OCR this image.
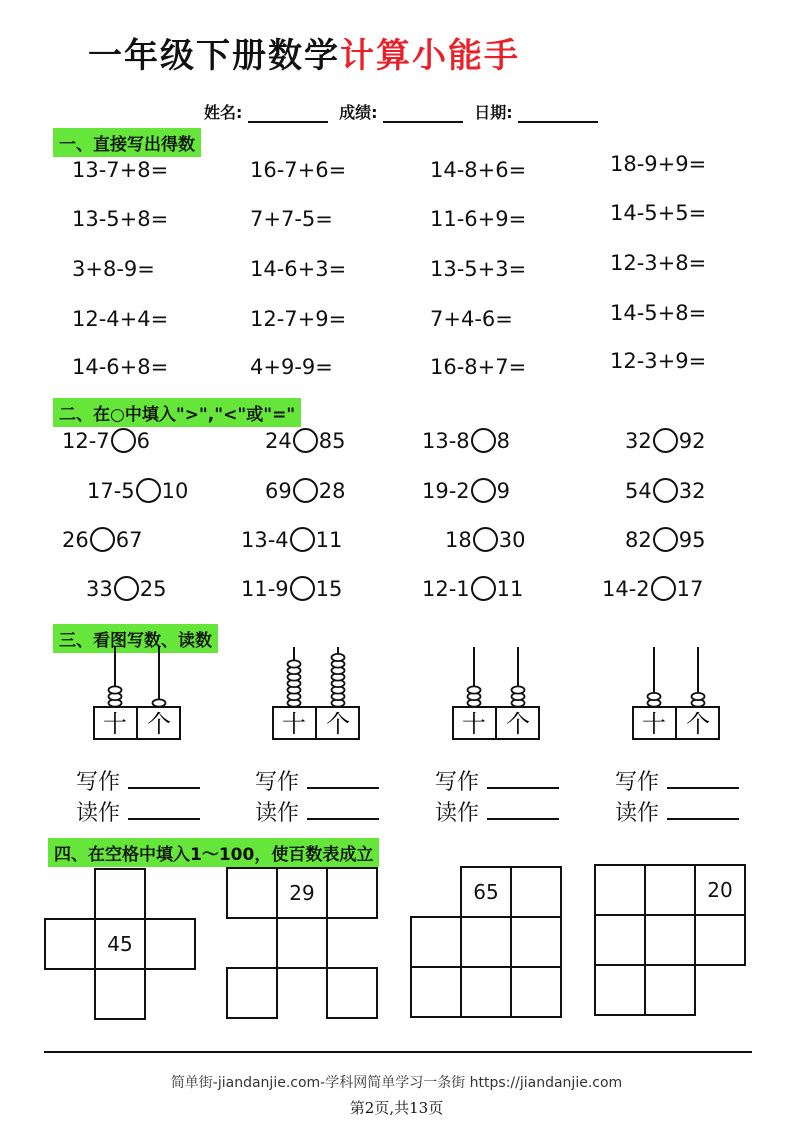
一年级下册数学计算小能手
姓名:	成绩:	日期:
一、直接写出得数
13-7+8=	16-7+6=	14-8+6=	18-9+9=
13-5+8=	7+7-5=	11-6+9=	14-5+5=
3+8-9=	14-6+3=	13-5+3=	12-3+8=
12-4+4=	12-7+9=	7+4-6=	14-5+8=
14-6+8=	4+9-9=	16-8+7=	12-3+9=
二、在○中填入">","<"或"="
12-7 6	24 85	13-8 8	32 92
17-5 10	69 28	19-2 9	54 32
26 67	13-4 11	18 30	82 95
33 25	11-9 15	12-1 11	14-2 17
三、看图写数、读数
十 个
写作
读作
十 个
写作
读作
十 个
写作
读作
十 个
写作
读作
四、在空格中填入1～100，使百数表成立
45
29	65	20
简单街-jiandanjie.com-学科网简单学习一条街 https://jiandanjie.com
第2页,共13页
